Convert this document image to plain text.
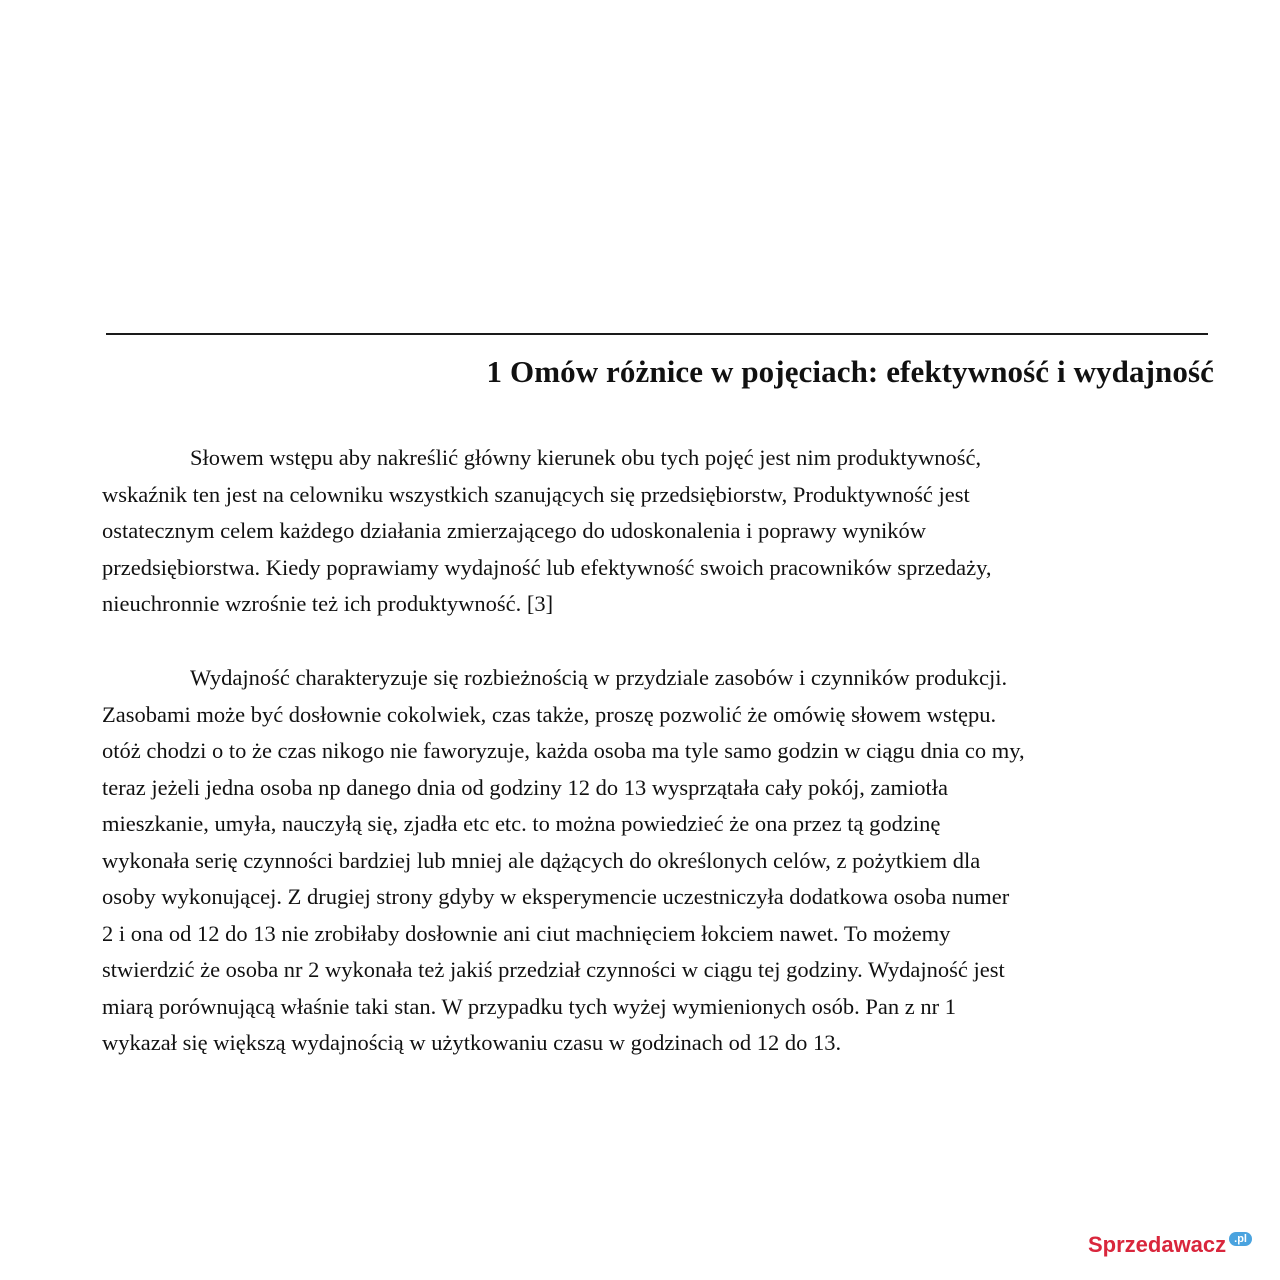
1 Omów różnice w pojęciach: efektywność i wydajność
Słowem wstępu aby nakreślić główny kierunek obu tych pojęć jest nim produktywność,
wskaźnik ten jest na celowniku wszystkich szanujących się przedsiębiorstw, Produktywność jest
ostatecznym celem każdego działania zmierzającego do udoskonalenia i poprawy wyników
przedsiębiorstwa. Kiedy poprawiamy wydajność lub efektywność swoich pracowników sprzedaży,
nieuchronnie wzrośnie też ich produktywność. [3]
Wydajność charakteryzuje się rozbieżnością w przydziale zasobów i czynników produkcji.
Zasobami może być dosłownie cokolwiek, czas także, proszę pozwolić że omówię słowem wstępu.
otóż chodzi o to że czas nikogo nie faworyzuje, każda osoba ma tyle samo godzin w ciągu dnia co my,
teraz jeżeli jedna osoba np danego dnia od godziny 12 do 13 wysprzątała cały pokój, zamiotła
mieszkanie, umyła, nauczyłą się, zjadła etc etc. to można powiedzieć że ona przez tą godzinę
wykonała serię czynności bardziej lub mniej ale dążących do określonych celów, z pożytkiem dla
osoby wykonującej. Z drugiej strony gdyby w eksperymencie uczestniczyła dodatkowa osoba numer
2 i ona od 12 do 13 nie zrobiłaby dosłownie ani ciut machnięciem łokciem nawet. To możemy
stwierdzić że osoba nr 2 wykonała też jakiś przedział czynności w ciągu tej godziny. Wydajność jest
miarą porównującą właśnie taki stan. W przypadku tych wyżej wymienionych osób. Pan z nr 1
wykazał się większą wydajnością w użytkowaniu czasu w godzinach od 12 do 13.
Sprzedawacz .pl
